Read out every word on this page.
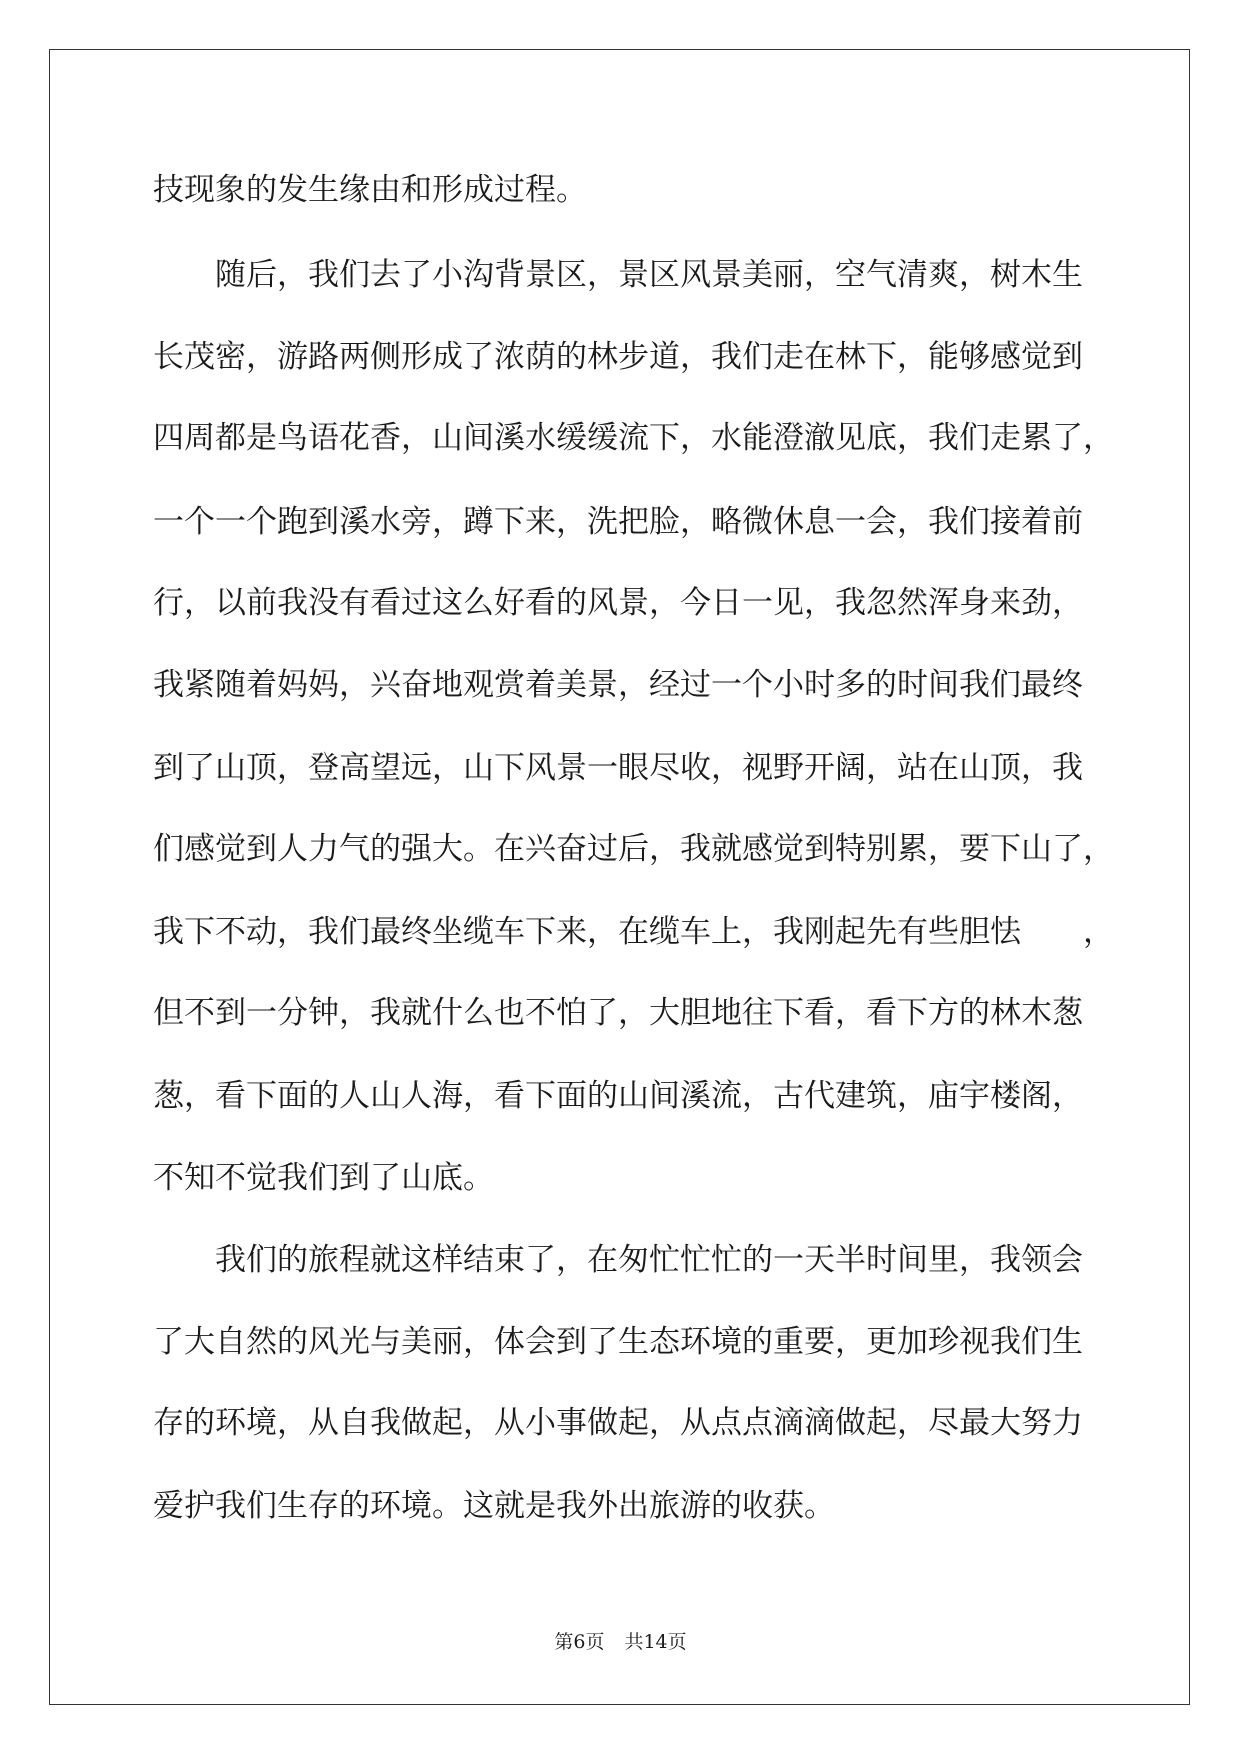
技现象的发生缘由和形成过程。
　　随后，我们去了小沟背景区，景区风景美丽，空气清爽，树木生
长茂密，游路两侧形成了浓荫的林步道，我们走在林下，能够感觉到
四周都是鸟语花香，山间溪水缓缓流下，水能澄澈见底，我们走累了，
一个一个跑到溪水旁，蹲下来，洗把脸，略微休息一会，我们接着前
行，以前我没有看过这么好看的风景，今日一见，我忽然浑身来劲，
我紧随着妈妈，兴奋地观赏着美景，经过一个小时多的时间我们最终
到了山顶，登高望远，山下风景一眼尽收，视野开阔，站在山顶，我
们感觉到人力气的强大。在兴奋过后，我就感觉到特别累，要下山了，
我下不动，我们最终坐缆车下来，在缆车上，我刚起先有些胆怯　　，
但不到一分钟，我就什么也不怕了，大胆地往下看，看下方的林木葱
葱，看下面的人山人海，看下面的山间溪流，古代建筑，庙宇楼阁，
不知不觉我们到了山底。
　　我们的旅程就这样结束了，在匆忙忙忙的一天半时间里，我领会
了大自然的风光与美丽，体会到了生态环境的重要，更加珍视我们生
存的环境，从自我做起，从小事做起，从点点滴滴做起，尽最大努力
爱护我们生存的环境。这就是我外出旅游的收获。
第6页 共14页
